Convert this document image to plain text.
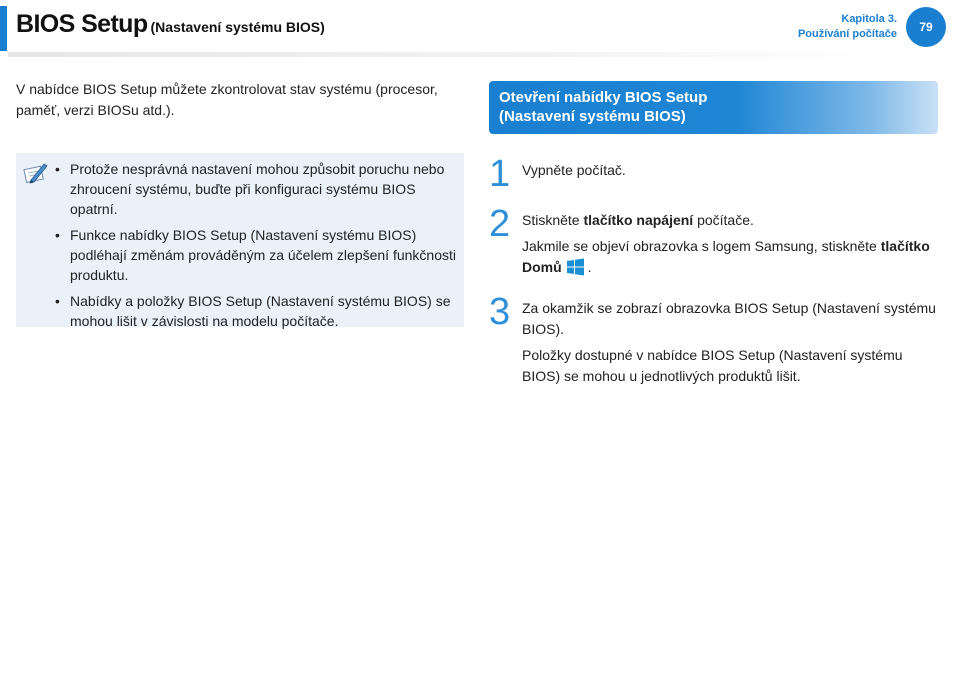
BIOS Setup (Nastavení systému BIOS)	Kapitola 3.
Používání počítače	79
V nabídce BIOS Setup můžete zkontrolovat stav systému (procesor, paměť, verzi BIOSu atd.).
• Protože nesprávná nastavení mohou způsobit poruchu nebo zhroucení systému, buďte při konfiguraci systému BIOS opatrní.
• Funkce nabídky BIOS Setup (Nastavení systému BIOS) podléhají změnám prováděným za účelem zlepšení funkčnosti produktu.
• Nabídky a položky BIOS Setup (Nastavení systému BIOS) se mohou lišit v závislosti na modelu počítače.
Otevření nabídky BIOS Setup
(Nastavení systému BIOS)
1 Vypněte počítač.

2 Stiskněte tlačítko napájení počítače.

Jakmile se objeví obrazovka s logem Samsung, stiskněte tlačítko Domů .

3 Za okamžik se zobrazí obrazovka BIOS Setup (Nastavení systému BIOS).

Položky dostupné v nabídce BIOS Setup (Nastavení systému BIOS) se mohou u jednotlivých produktů lišit.
